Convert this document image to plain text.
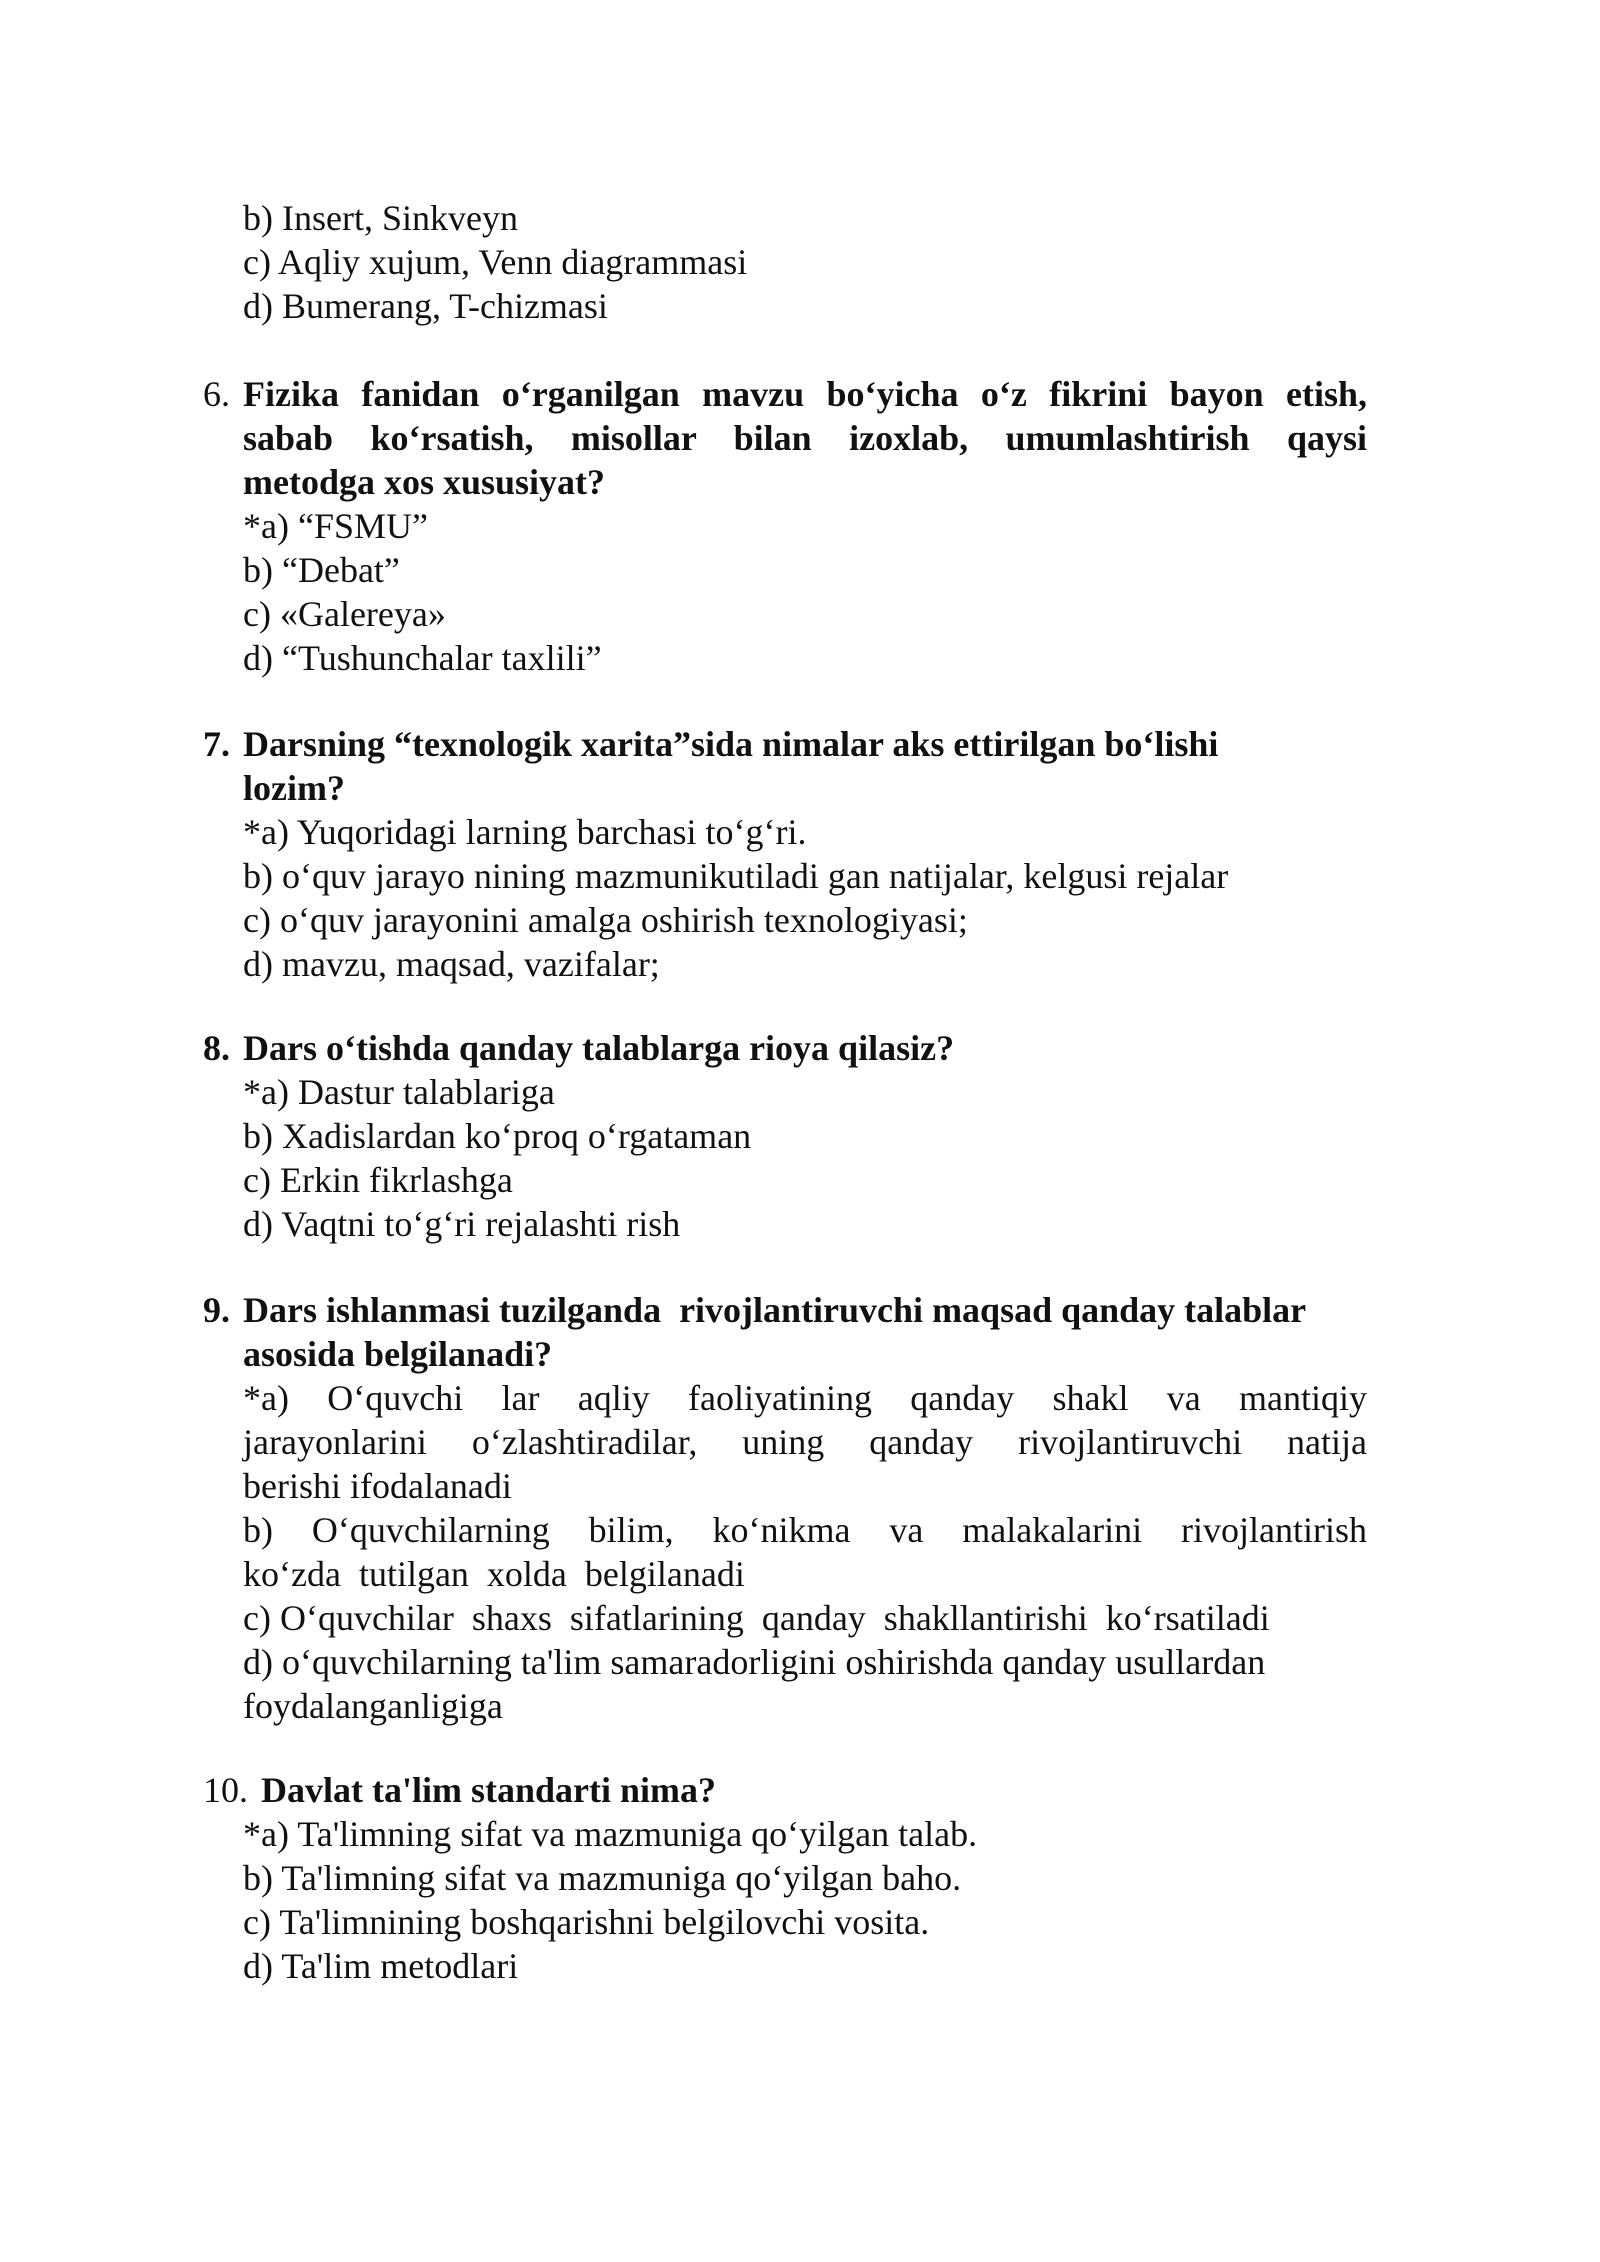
b) Insert, Sinkveyn
c) Aqliy xujum, Venn diagrammasi
d) Bumerang, T-chizmasi
6. Fizika fanidan o‘rganilgan mavzu bo‘yicha o‘z fikrini bayon etish,
sabab ko‘rsatish, misollar bilan izoxlab, umumlashtirish qaysi
metodga xos xususiyat?
*a) “FSMU”
b) “Debat”
c) «Galereya»
d) “Tushunchalar taxlili”
7. Darsning “texnologik xarita”sida nimalar aks ettirilgan bo‘lishi
lozim?
*a) Yuqoridagi larning barchasi to‘g‘ri.
b) o‘quv jarayo nining mazmunikutiladi gan natijalar, kelgusi rejalar
c) o‘quv jarayonini amalga oshirish texnologiyasi;
d) mavzu, maqsad, vazifalar;
8. Dars o‘tishda qanday talablarga rioya qilasiz?
*a) Dastur talablariga
b) Xadislardan ko‘proq o‘rgataman
c) Erkin fikrlashga
d) Vaqtni to‘g‘ri rejalashti rish
9. Dars ishlanmasi tuzilganda  rivojlantiruvchi maqsad qanday talablar
asosida belgilanadi?
*a) O‘quvchi lar aqliy faoliyatining qanday shakl va mantiqiy
jarayonlarini o‘zlashtiradilar, uning qanday rivojlantiruvchi natija
berishi ifodalanadi
b) O‘quvchilarning bilim, ko‘nikma va malakalarini rivojlantirish
ko‘zda  tutilgan  xolda  belgilanadi
c) O‘quvchilar  shaxs  sifatlarining  qanday  shakllantirishi  ko‘rsatiladi
d) o‘quvchilarning ta'lim samaradorligini oshirishda qanday usullardan
foydalanganligiga
10. Davlat ta'lim standarti nima?
*a) Ta'limning sifat va mazmuniga qo‘yilgan talab.
b) Ta'limning sifat va mazmuniga qo‘yilgan baho.
c) Ta'limnining boshqarishni belgilovchi vosita.
d) Ta'lim metodlari
